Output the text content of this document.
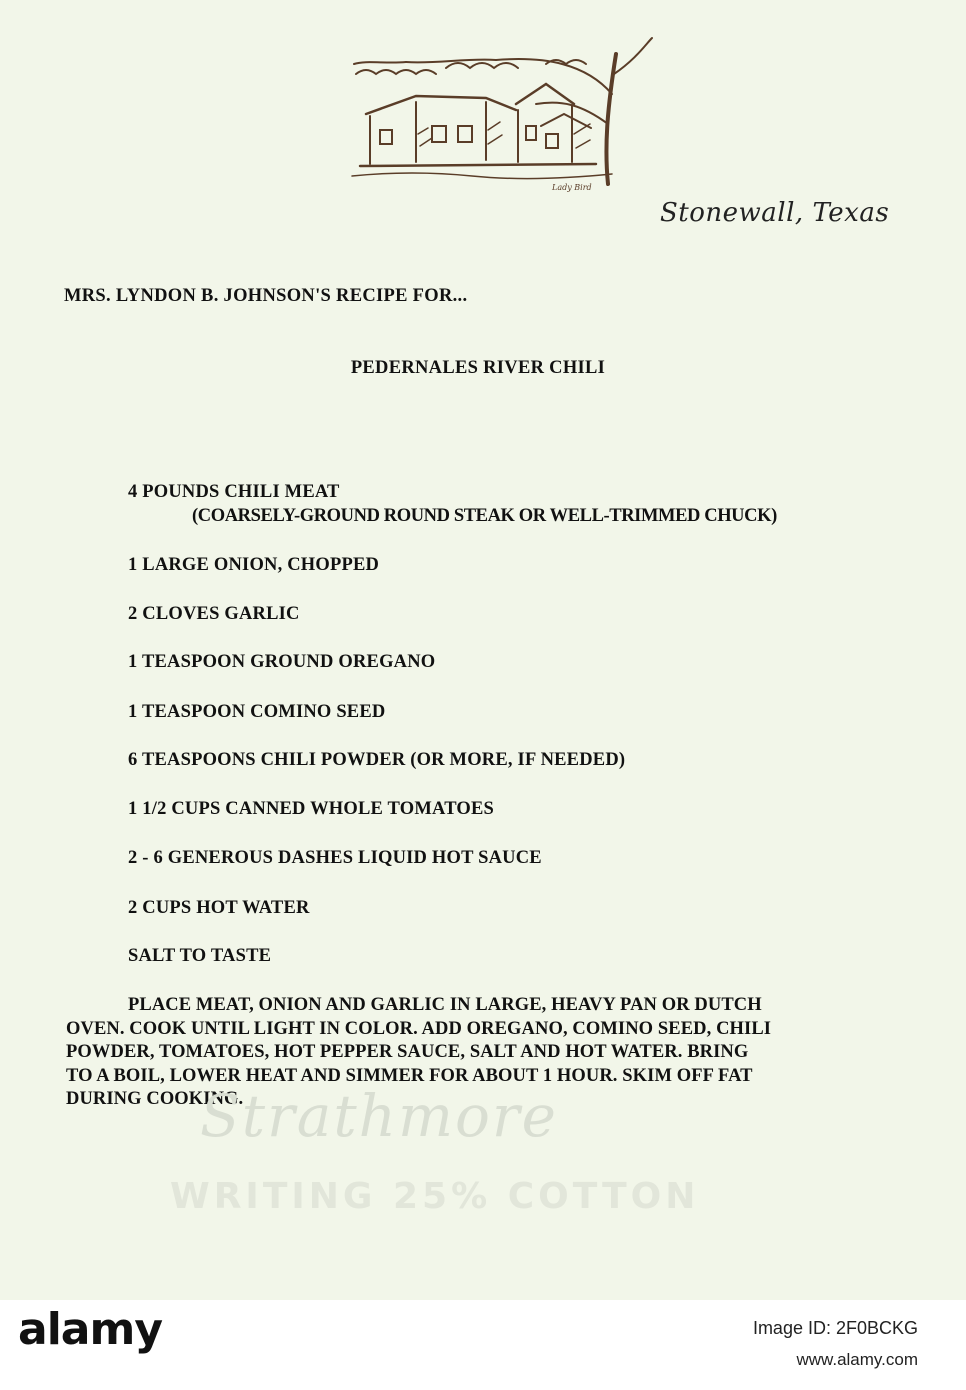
Lady Bird
Stonewall, Texas
MRS. LYNDON B. JOHNSON'S RECIPE FOR...
PEDERNALES RIVER CHILI
4 POUNDS CHILI MEAT
(COARSELY-GROUND ROUND STEAK OR WELL-TRIMMED CHUCK)
1 LARGE ONION, CHOPPED
2 CLOVES GARLIC
1 TEASPOON GROUND OREGANO
1 TEASPOON COMINO SEED
6 TEASPOONS CHILI POWDER (OR MORE, IF NEEDED)
1 1/2 CUPS CANNED WHOLE TOMATOES
2 - 6 GENEROUS DASHES LIQUID HOT SAUCE
2 CUPS HOT WATER
SALT TO TASTE
PLACE MEAT, ONION AND GARLIC IN LARGE, HEAVY PAN OR DUTCH
OVEN. COOK UNTIL LIGHT IN COLOR. ADD OREGANO, COMINO SEED, CHILI
POWDER, TOMATOES, HOT PEPPER SAUCE, SALT AND HOT WATER. BRING
TO A BOIL, LOWER HEAT AND SIMMER FOR ABOUT 1 HOUR. SKIM OFF FAT
DURING COOKING.
Strathmore
WRITING 25% COTTON
alamy	Image ID: 2F0BCKG
www.alamy.com
